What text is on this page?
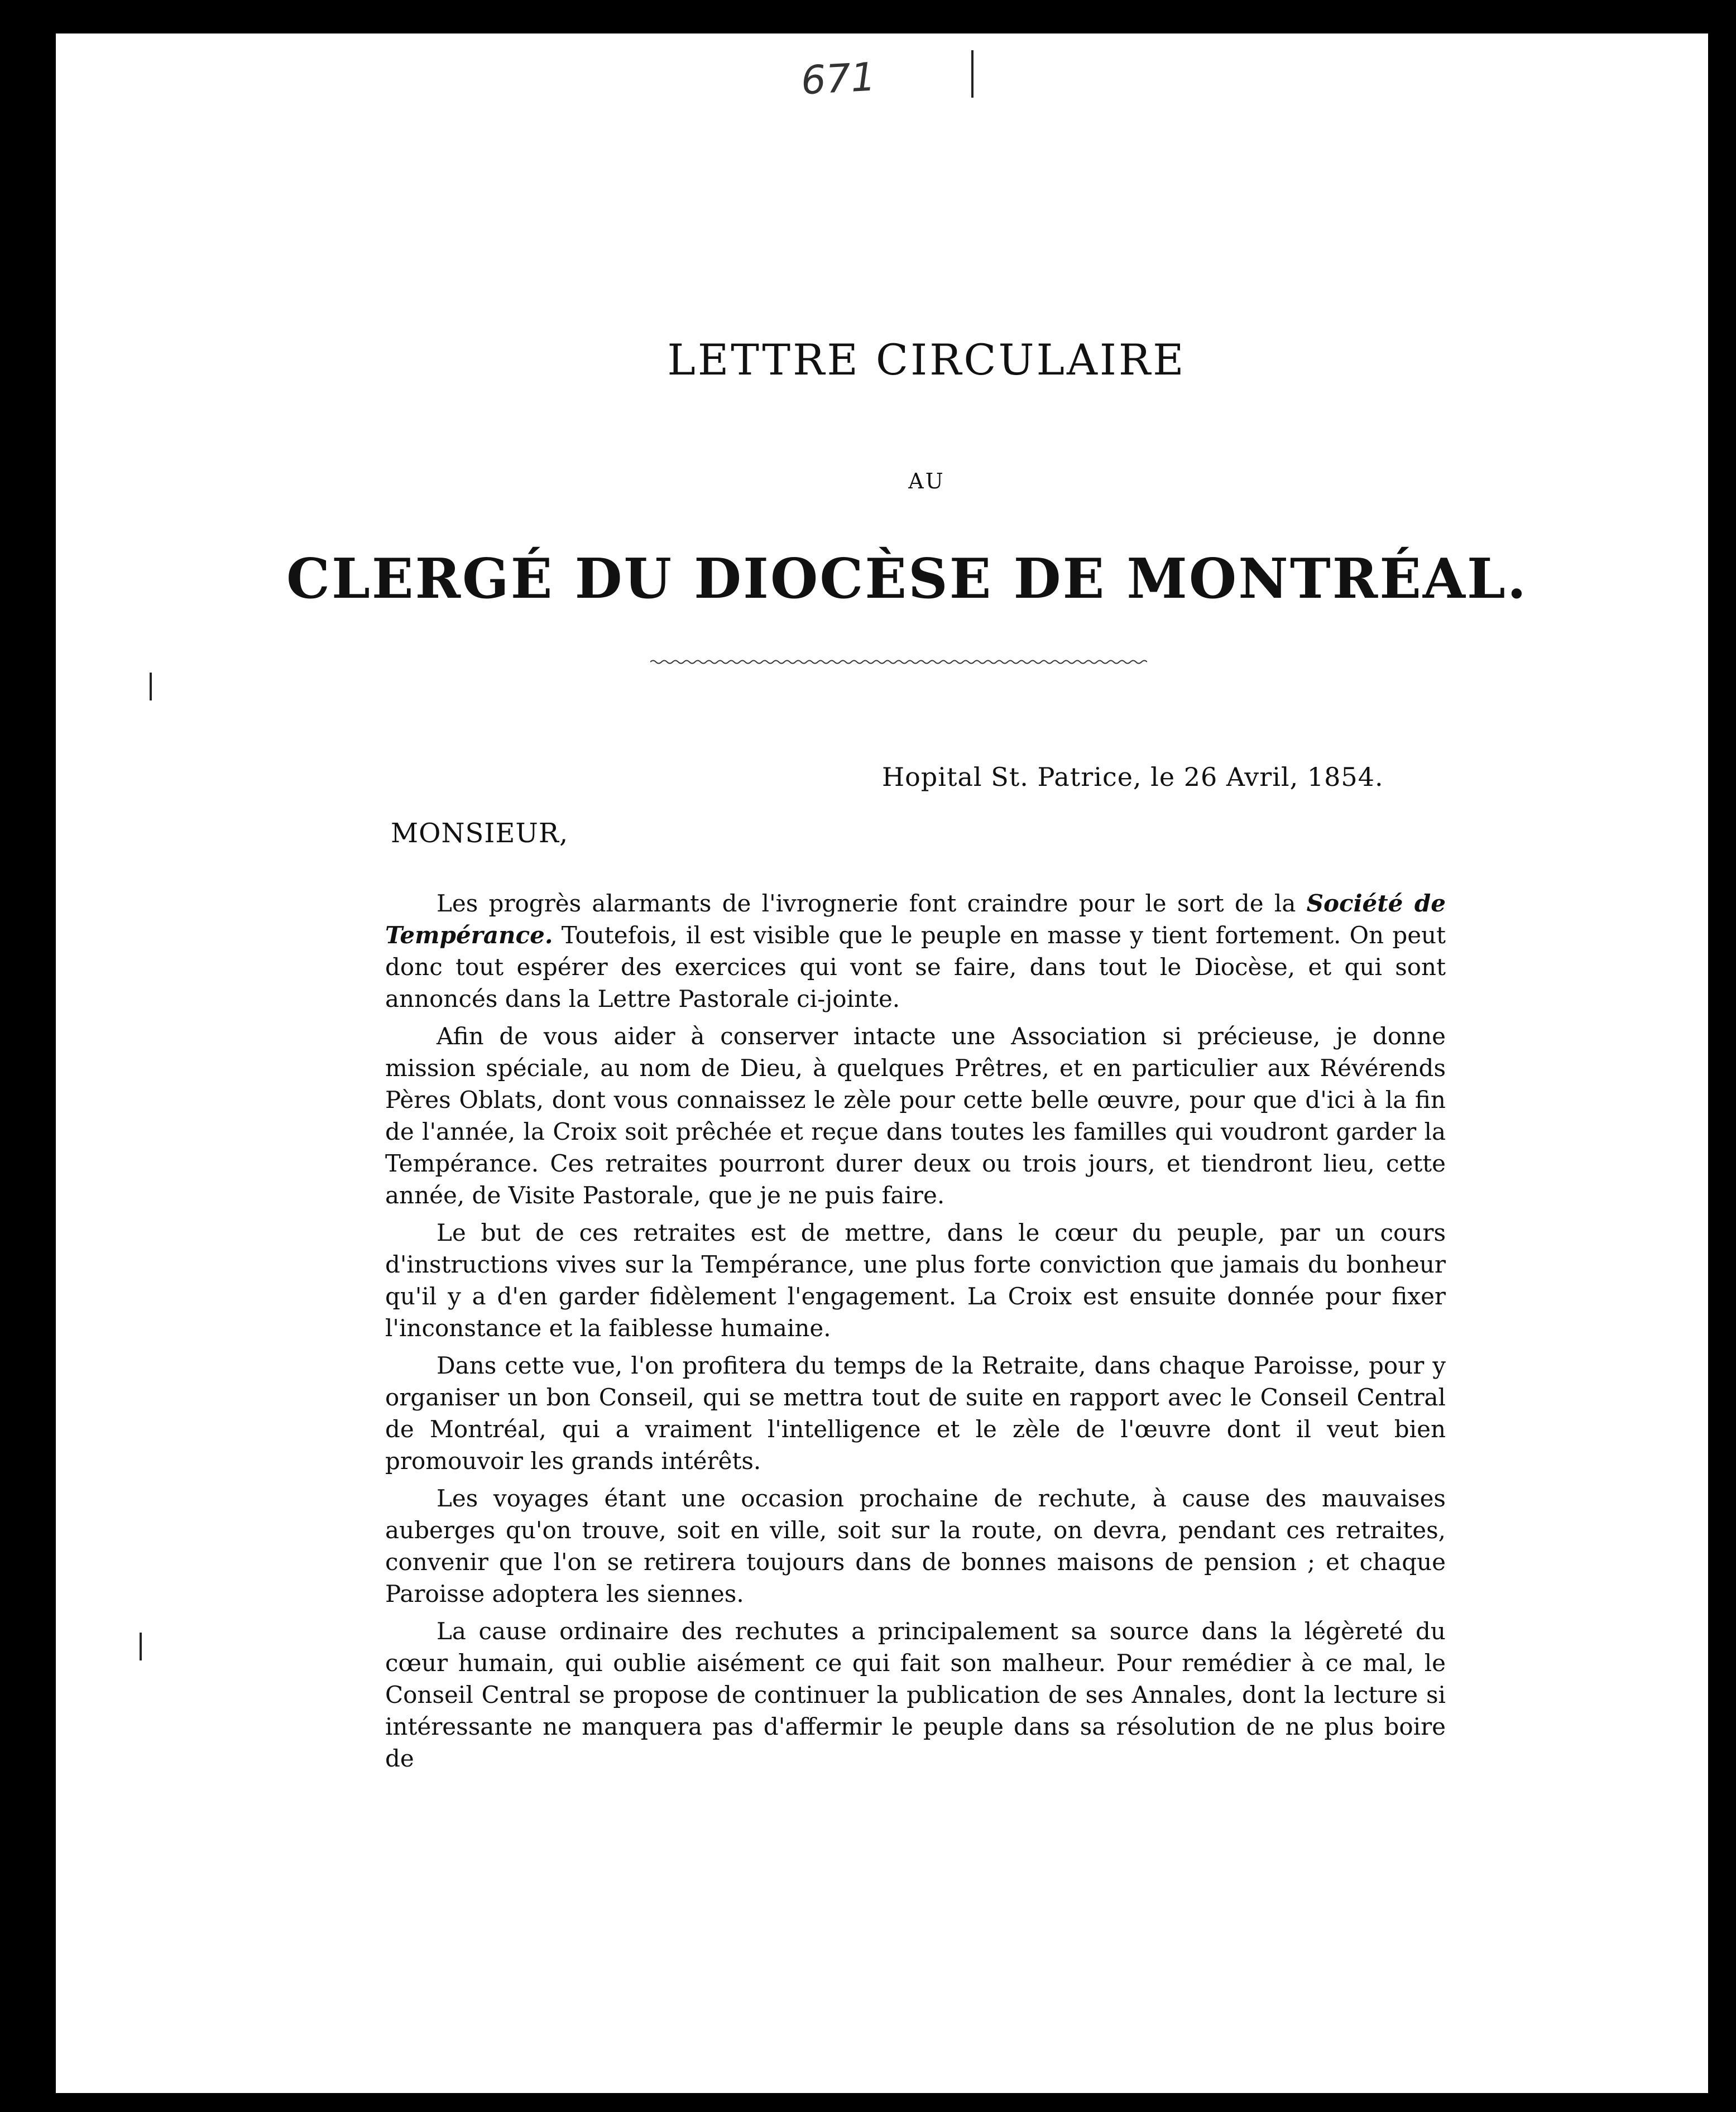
671
LETTRE CIRCULAIRE
AU
CLERGÉ DU DIOCÈSE DE MONTRÉAL.
Hopital St. Patrice, le 26 Avril, 1854.
MONSIEUR,

Les progrès alarmants de l'ivrognerie font craindre pour le sort de la Société de Tempérance. Toutefois, il est visible que le peuple en masse y tient fortement. On peut donc tout espérer des exercices qui vont se faire, dans tout le Diocèse, et qui sont annoncés dans la Lettre Pastorale ci-jointe.

Afin de vous aider à conserver intacte une Association si précieuse, je donne mission spéciale, au nom de Dieu, à quelques Prêtres, et en particulier aux Révérends Pères Oblats, dont vous connaissez le zèle pour cette belle œuvre, pour que d'ici à la fin de l'année, la Croix soit prêchée et reçue dans toutes les familles qui voudront garder la Tempérance. Ces retraites pourront durer deux ou trois jours, et tiendront lieu, cette année, de Visite Pastorale, que je ne puis faire.

Le but de ces retraites est de mettre, dans le cœur du peuple, par un cours d'instructions vives sur la Tempérance, une plus forte conviction que jamais du bonheur qu'il y a d'en garder fidèlement l'engagement. La Croix est ensuite donnée pour fixer l'inconstance et la faiblesse humaine.

Dans cette vue, l'on profitera du temps de la Retraite, dans chaque Paroisse, pour y organiser un bon Conseil, qui se mettra tout de suite en rapport avec le Conseil Central de Montréal, qui a vraiment l'intelligence et le zèle de l'œuvre dont il veut bien promouvoir les grands intérêts.

Les voyages étant une occasion prochaine de rechute, à cause des mauvaises auberges qu'on trouve, soit en ville, soit sur la route, on devra, pendant ces retraites, convenir que l'on se retirera toujours dans de bonnes maisons de pension ; et chaque Paroisse adoptera les siennes.

La cause ordinaire des rechutes a principalement sa source dans la légèreté du cœur humain, qui oublie aisément ce qui fait son malheur. Pour remédier à ce mal, le Conseil Central se propose de continuer la publication de ses Annales, dont la lecture si intéressante ne manquera pas d'affermir le peuple dans sa résolution de ne plus boire de
